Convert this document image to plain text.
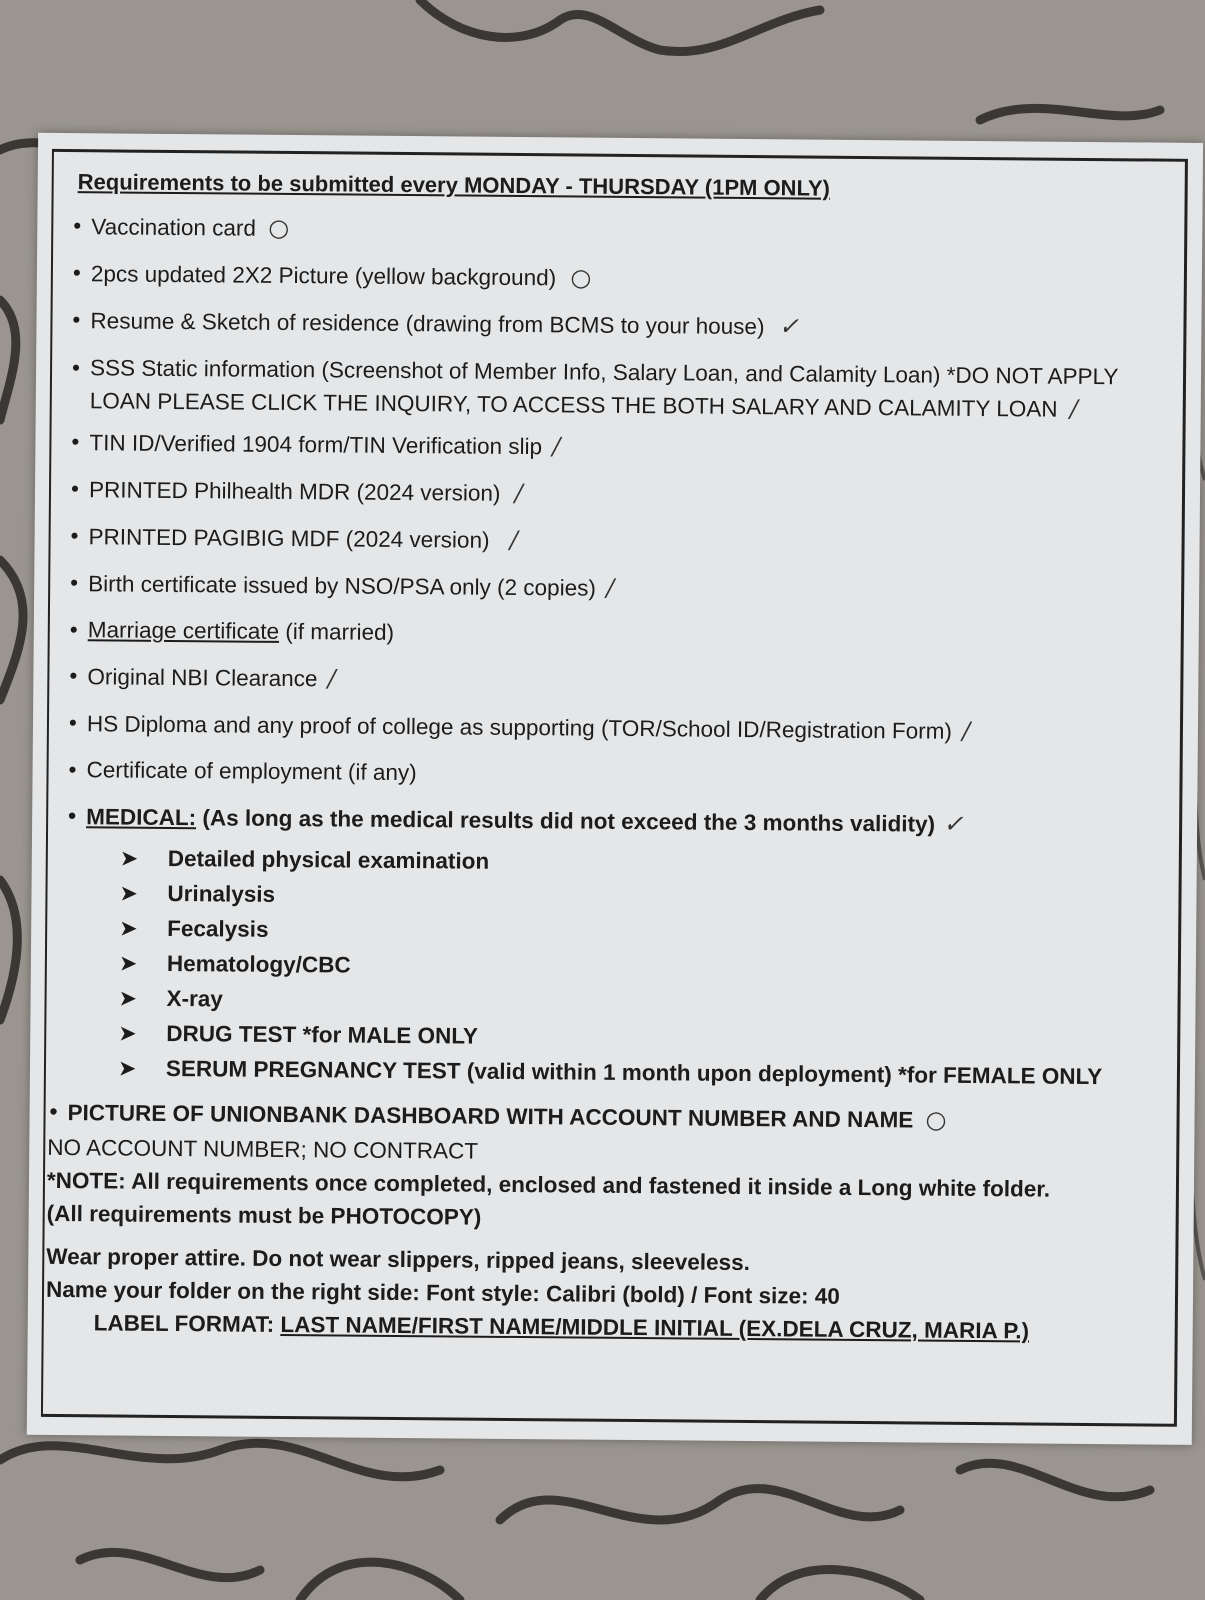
Requirements to be submitted every MONDAY - THURSDAY (1PM ONLY)
• Vaccination card ○
• 2pcs updated 2X2 Picture (yellow background) ○
• Resume & Sketch of residence (drawing from BCMS to your house) ✓
• SSS Static information (Screenshot of Member Info, Salary Loan, and Calamity Loan) *DO NOT APPLY LOAN PLEASE CLICK THE INQUIRY, TO ACCESS THE BOTH SALARY AND CALAMITY LOAN /
• TIN ID/Verified 1904 form/TIN Verification slip /
• PRINTED Philhealth MDR (2024 version) /
• PRINTED PAGIBIG MDF (2024 version) /
• Birth certificate issued by NSO/PSA only (2 copies) /
• Marriage certificate (if married)
• Original NBI Clearance /
• HS Diploma and any proof of college as supporting (TOR/School ID/Registration Form) /
• Certificate of employment (if any)
• MEDICAL: (As long as the medical results did not exceed the 3 months validity) ✓
➤	Detailed physical examination
➤	Urinalysis
➤	Fecalysis
➤	Hematology/CBC
➤	X-ray
➤	DRUG TEST *for MALE ONLY
➤	SERUM PREGNANCY TEST (valid within 1 month upon deployment) *for FEMALE ONLY
• PICTURE OF UNIONBANK DASHBOARD WITH ACCOUNT NUMBER AND NAME ○
NO ACCOUNT NUMBER; NO CONTRACT
*NOTE: All requirements once completed, enclosed and fastened it inside a Long white folder.
(All requirements must be PHOTOCOPY)
Wear proper attire. Do not wear slippers, ripped jeans, sleeveless.
Name your folder on the right side: Font style: Calibri (bold) / Font size: 40
LABEL FORMAT: LAST NAME/FIRST NAME/MIDDLE INITIAL (EX.DELA CRUZ, MARIA P.)
